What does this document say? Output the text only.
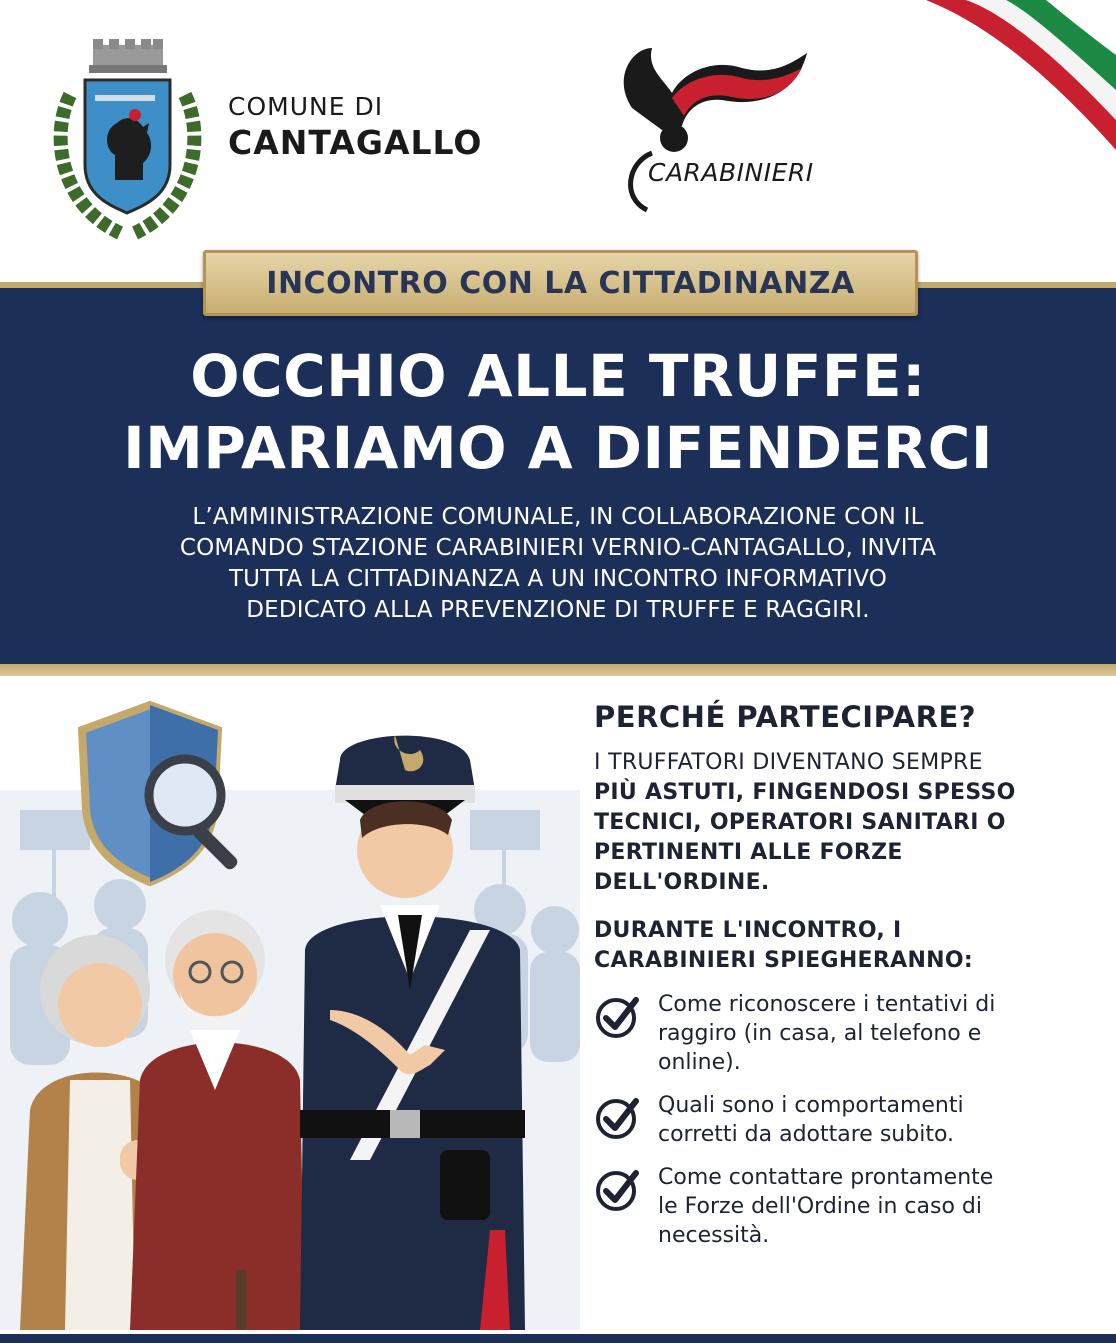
COMUNE DI
CANTAGALLO
CARABINIERI
INCONTRO CON LA CITTADINANZA
OCCHIO ALLE TRUFFE:
IMPARIAMO A DIFENDERCI
L’AMMINISTRAZIONE COMUNALE, IN COLLABORAZIONE CON IL
COMANDO STAZIONE CARABINIERI VERNIO-CANTAGALLO, INVITA
TUTTA LA CITTADINANZA A UN INCONTRO INFORMATIVO
DEDICATO ALLA PREVENZIONE DI TRUFFE E RAGGIRI.
PERCHÉ PARTECIPARE?
I TRUFFATORI DIVENTANO SEMPRE
PIÙ ASTUTI, FINGENDOSI SPESSO
TECNICI, OPERATORI SANITARI O
PERTINENTI ALLE FORZE
DELL'ORDINE.
DURANTE L'INCONTRO, I
CARABINIERI SPIEGHERANNO:
Come riconoscere i tentativi di
raggiro (in casa, al telefono e
online).
Quali sono i comportamenti
corretti da adottare subito.
Come contattare prontamente
le Forze dell'Ordine in caso di
necessità.
